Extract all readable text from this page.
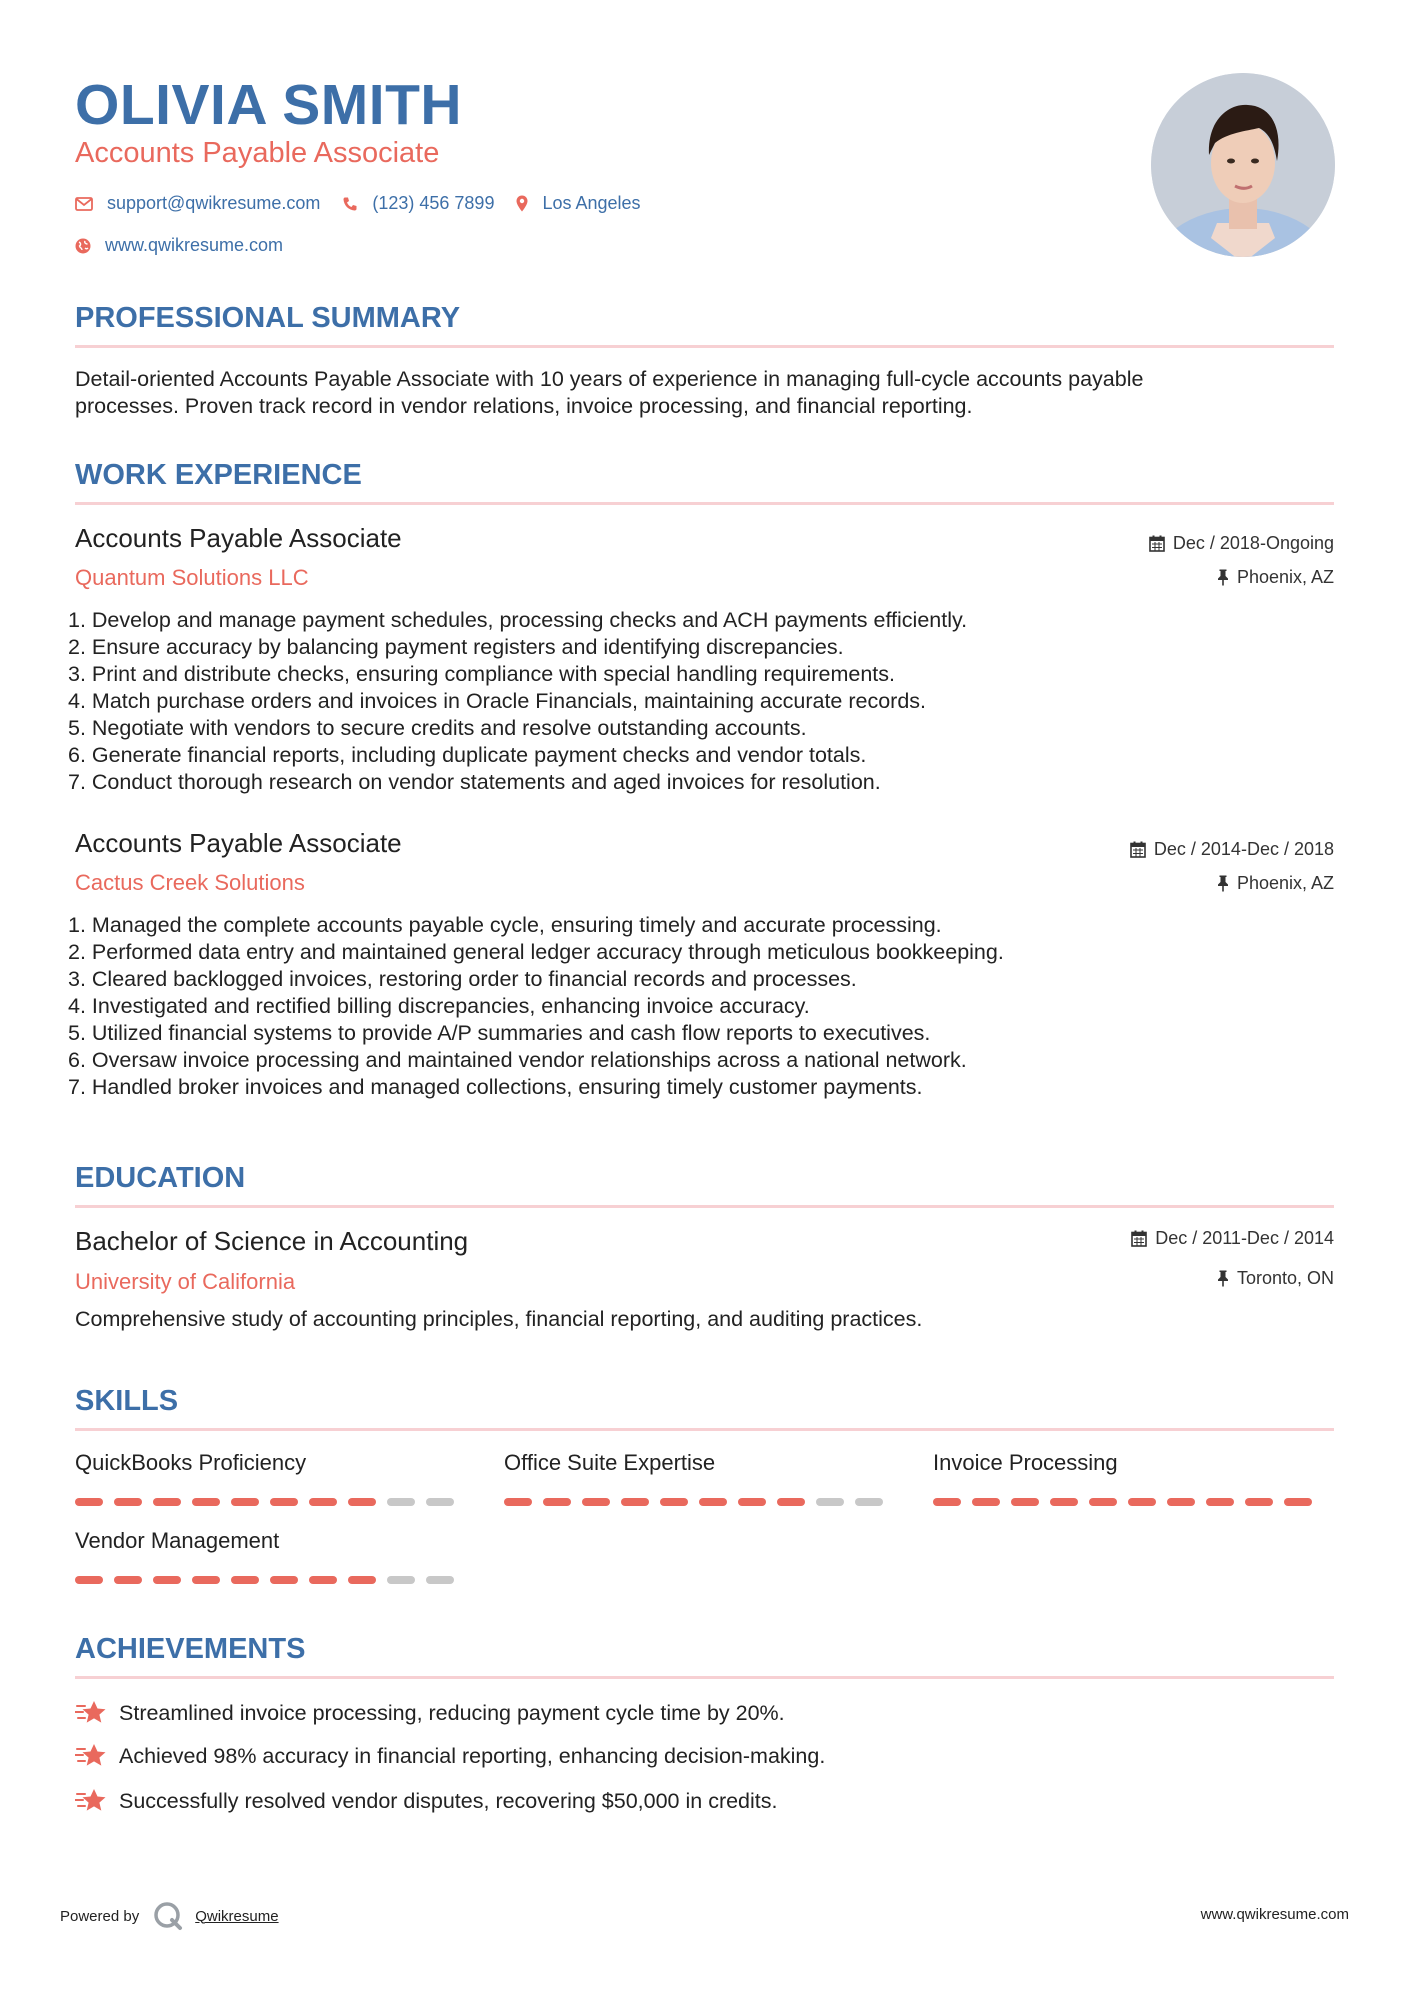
OLIVIA SMITH
Accounts Payable Associate
support@qwikresume.com	(123) 456 7899	Los Angeles
www.qwikresume.com
PROFESSIONAL SUMMARY
Detail-oriented Accounts Payable Associate with 10 years of experience in managing full-cycle accounts payable
processes. Proven track record in vendor relations, invoice processing, and financial reporting.
WORK EXPERIENCE
Accounts Payable Associate
Quantum Solutions LLC
Dec / 2018-Ongoing
Phoenix, AZ
1. Develop and manage payment schedules, processing checks and ACH payments efficiently.
2. Ensure accuracy by balancing payment registers and identifying discrepancies.
3. Print and distribute checks, ensuring compliance with special handling requirements.
4. Match purchase orders and invoices in Oracle Financials, maintaining accurate records.
5. Negotiate with vendors to secure credits and resolve outstanding accounts.
6. Generate financial reports, including duplicate payment checks and vendor totals.
7. Conduct thorough research on vendor statements and aged invoices for resolution.
Accounts Payable Associate
Cactus Creek Solutions
Dec / 2014-Dec / 2018
Phoenix, AZ
1. Managed the complete accounts payable cycle, ensuring timely and accurate processing.
2. Performed data entry and maintained general ledger accuracy through meticulous bookkeeping.
3. Cleared backlogged invoices, restoring order to financial records and processes.
4. Investigated and rectified billing discrepancies, enhancing invoice accuracy.
5. Utilized financial systems to provide A/P summaries and cash flow reports to executives.
6. Oversaw invoice processing and maintained vendor relationships across a national network.
7. Handled broker invoices and managed collections, ensuring timely customer payments.
EDUCATION
Bachelor of Science in Accounting
University of California
Dec / 2011-Dec / 2014
Toronto, ON
Comprehensive study of accounting principles, financial reporting, and auditing practices.
SKILLS
QuickBooks Proficiency	Office Suite Expertise	Invoice Processing
Vendor Management
ACHIEVEMENTS
Streamlined invoice processing, reducing payment cycle time by 20%.
Achieved 98% accuracy in financial reporting, enhancing decision-making.
Successfully resolved vendor disputes, recovering $50,000 in credits.
Powered by	Qwikresume	www.qwikresume.com
